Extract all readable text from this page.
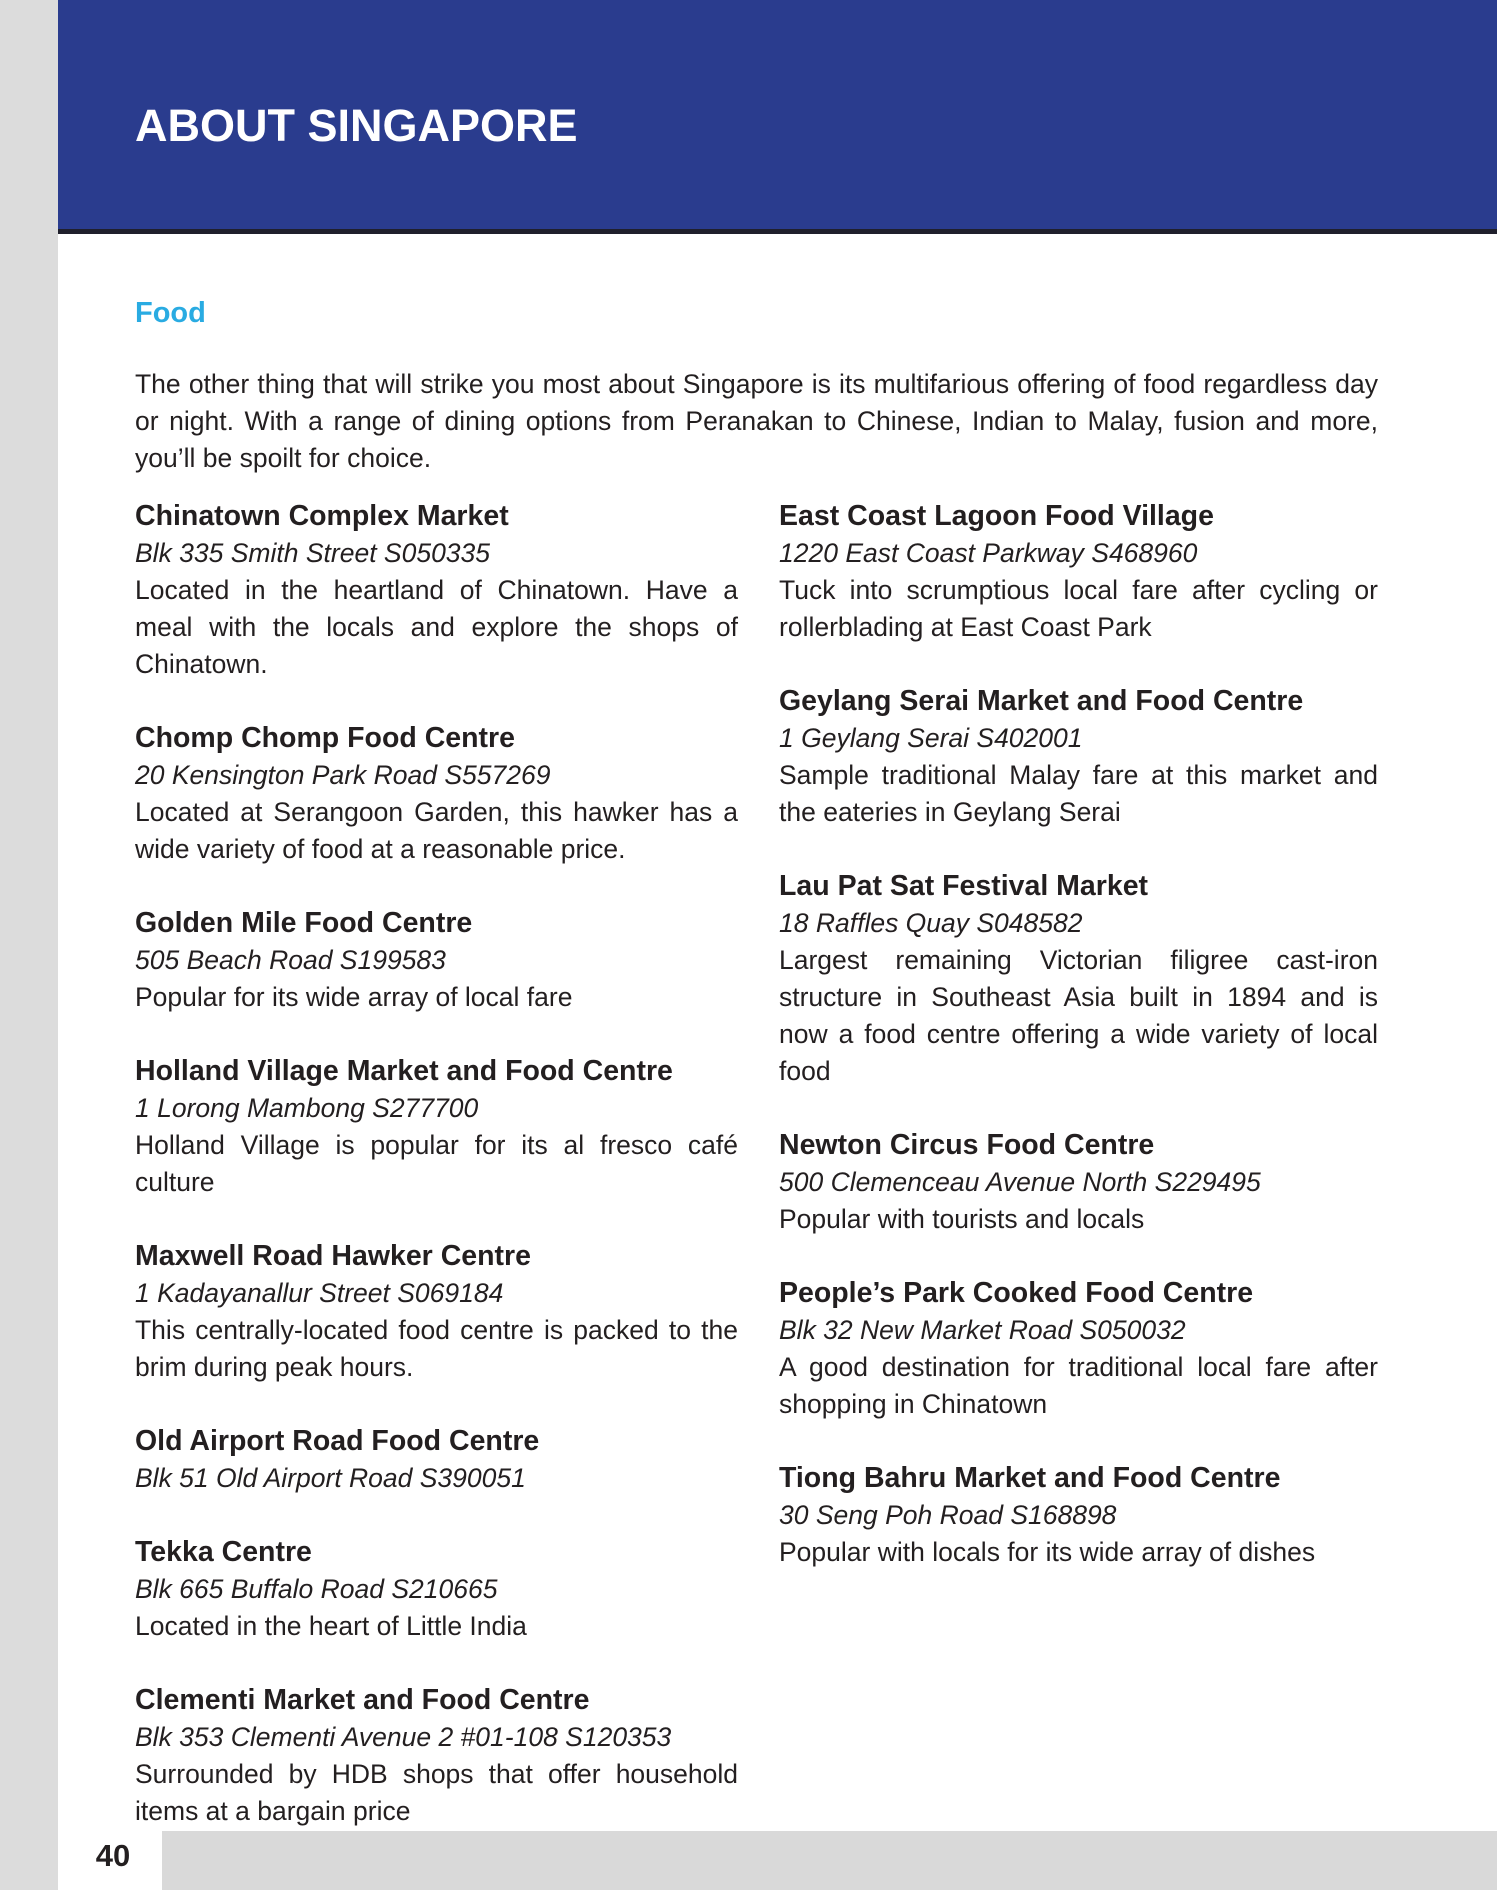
ABOUT SINGAPORE
Food
The other thing that will strike you most about Singapore is its multifarious offering of food regardless day or night. With a range of dining options from Peranakan to Chinese, Indian to Malay, fusion and more, you’ll be spoilt for choice.
Chinatown Complex Market
Blk 335 Smith Street S050335

Located in the heartland of Chinatown. Have a meal with the locals and explore the shops of Chinatown.

Chomp Chomp Food Centre
20 Kensington Park Road S557269

Located at Serangoon Garden, this hawker has a wide variety of food at a reasonable price.

Golden Mile Food Centre
505 Beach Road S199583

Popular for its wide array of local fare

Holland Village Market and Food Centre
1 Lorong Mambong S277700

Holland Village is popular for its al fresco café culture

Maxwell Road Hawker Centre
1 Kadayanallur Street S069184

This centrally-located food centre is packed to the brim during peak hours.

Old Airport Road Food Centre
Blk 51 Old Airport Road S390051
Tekka Centre
Blk 665 Buffalo Road S210665

Located in the heart of Little India

Clementi Market and Food Centre
Blk 353 Clementi Avenue 2 #01-108 S120353

Surrounded by HDB shops that offer household items at a bargain price

East Coast Lagoon Food Village
1220 East Coast Parkway S468960

Tuck into scrumptious local fare after cycling or rollerblading at East Coast Park

Geylang Serai Market and Food Centre
1 Geylang Serai S402001

Sample traditional Malay fare at this market and the eateries in Geylang Serai

Lau Pat Sat Festival Market
18 Raffles Quay S048582

Largest remaining Victorian filigree cast-iron structure in Southeast Asia built in 1894 and is now a food centre offering a wide variety of local food

Newton Circus Food Centre
500 Clemenceau Avenue North S229495

Popular with tourists and locals

People’s Park Cooked Food Centre
Blk 32 New Market Road S050032

A good destination for traditional local fare after shopping in Chinatown

Tiong Bahru Market and Food Centre
30 Seng Poh Road S168898

Popular with locals for its wide array of dishes

40
